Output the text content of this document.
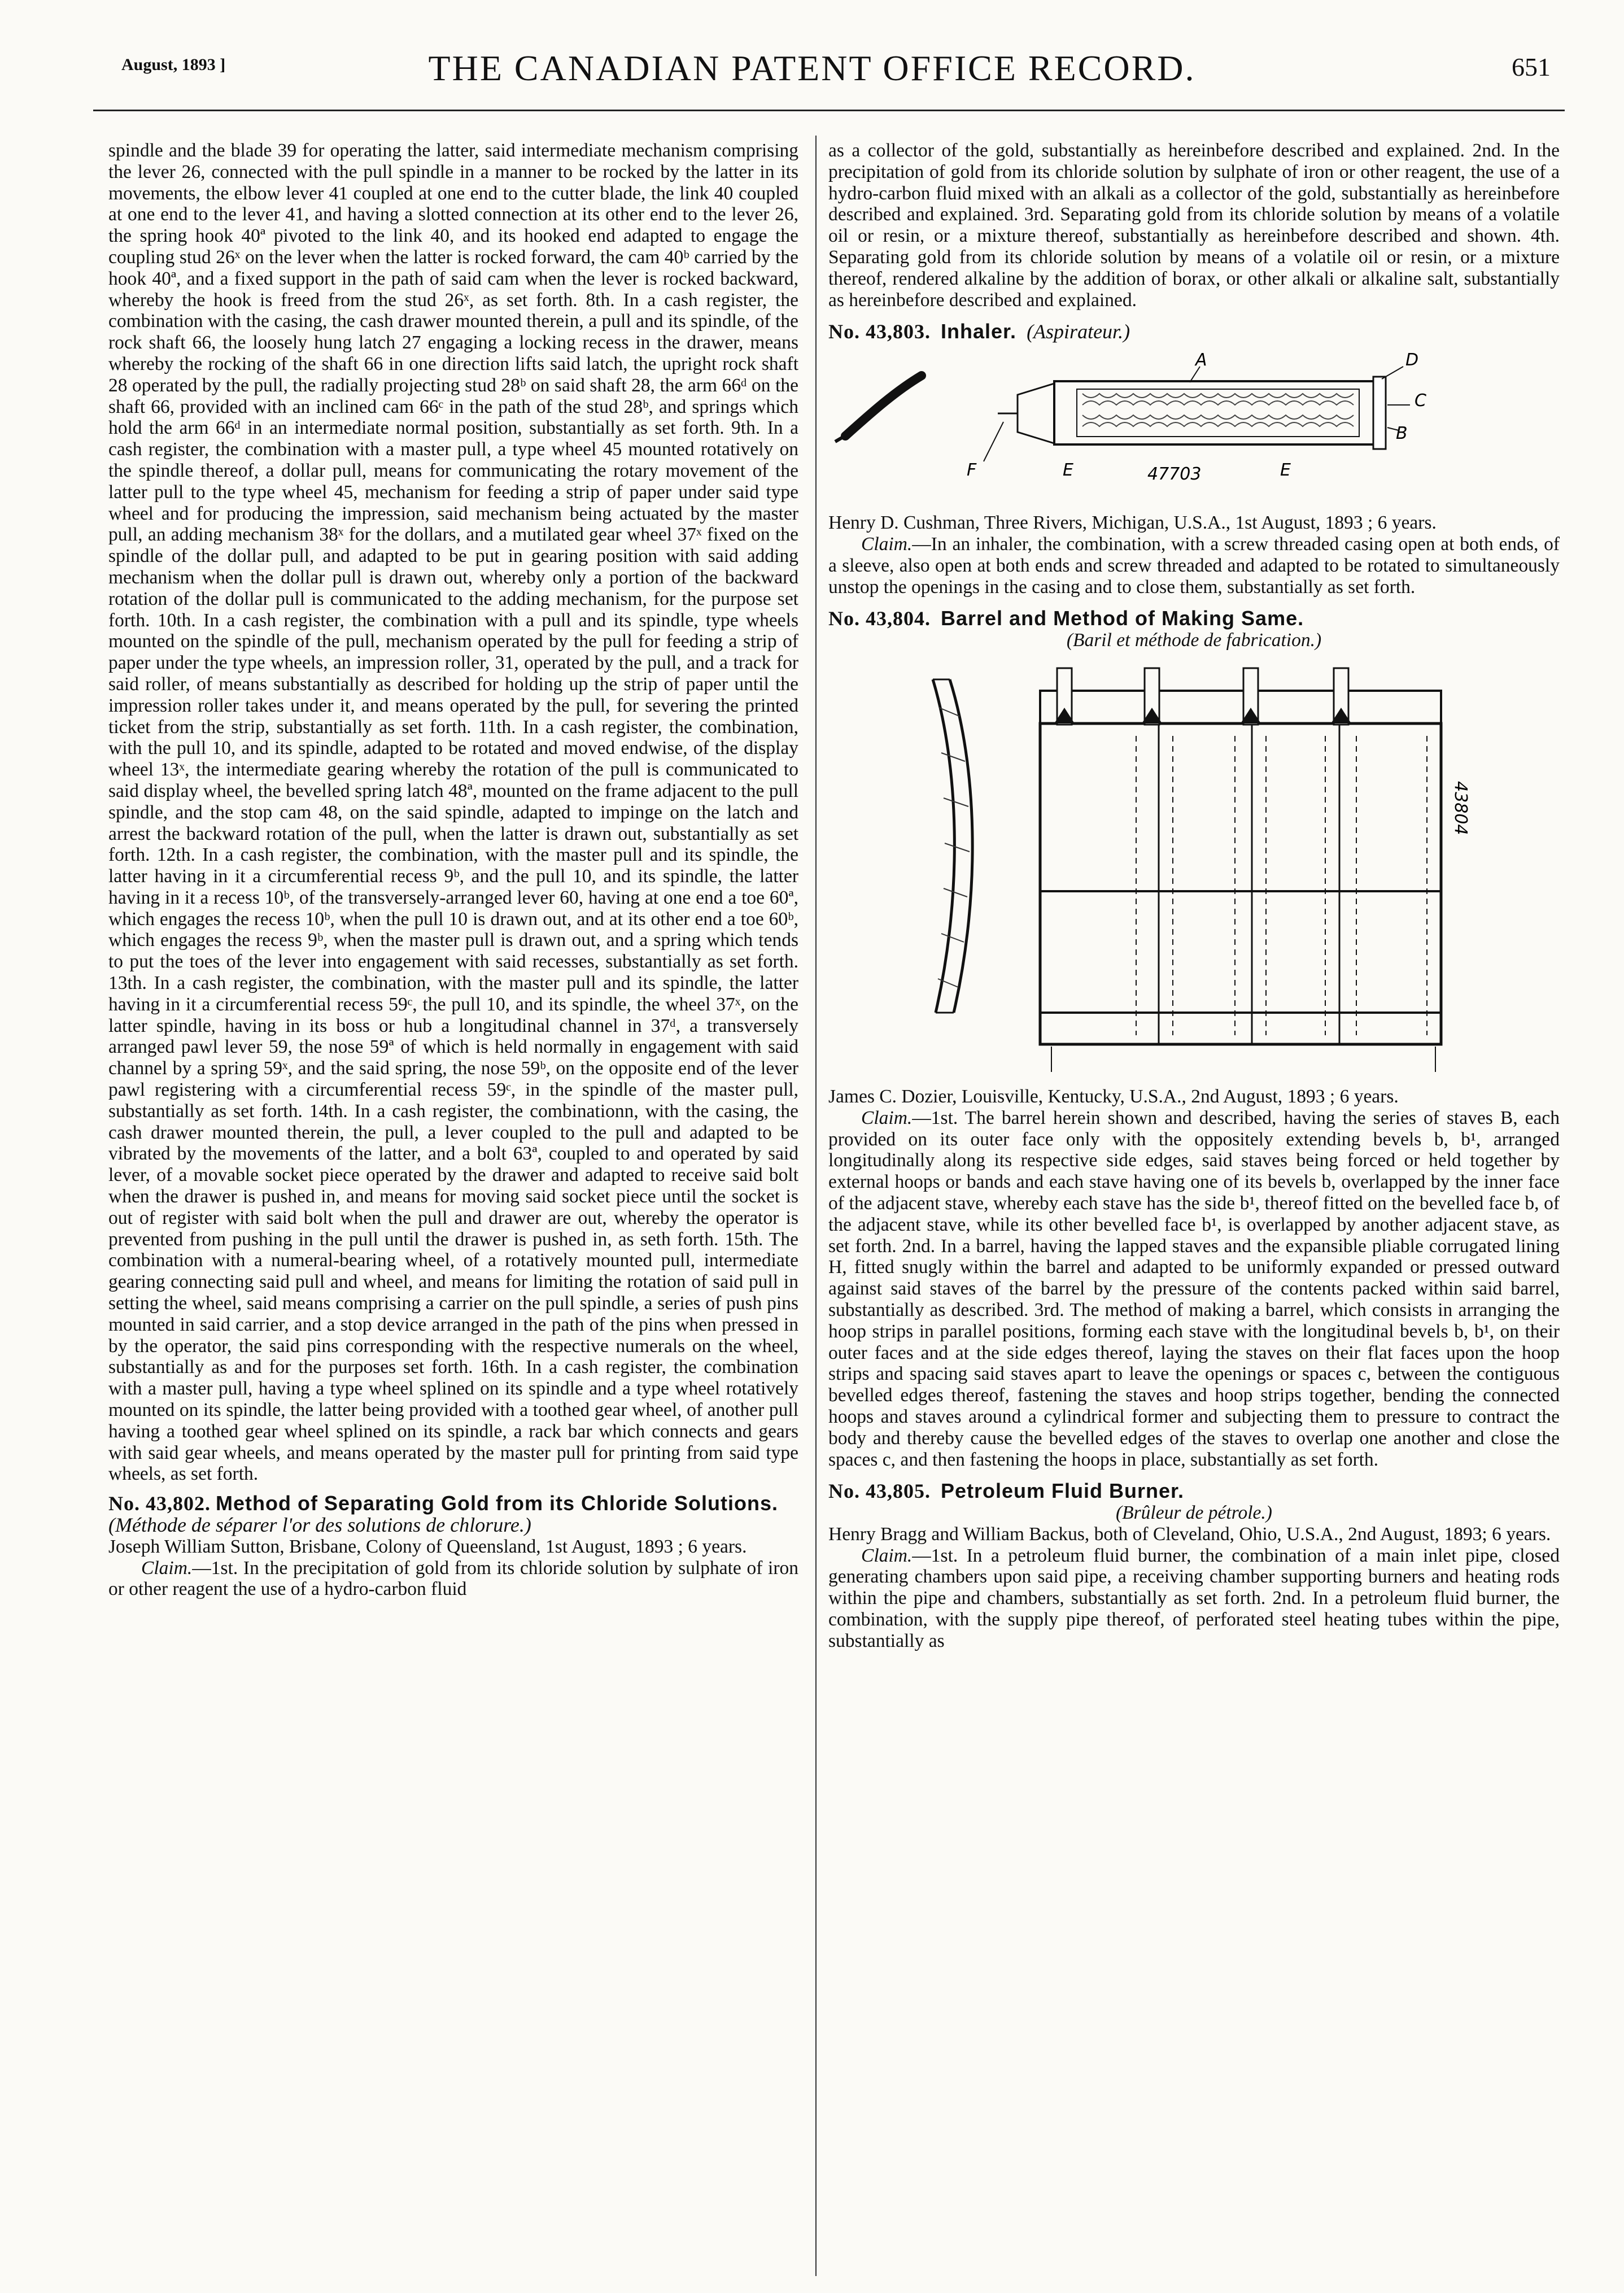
August, 1893 ]	THE CANADIAN PATENT OFFICE RECORD.	651

spindle and the blade 39 for operating the latter, said intermediate mechanism comprising the lever 26, connected with the pull spindle in a manner to be rocked by the latter in its movements, the elbow lever 41 coupled at one end to the cutter blade, the link 40 coupled at one end to the lever 41, and having a slotted connection at its other end to the lever 26, the spring hook 40ª pivoted to the link 40, and its hooked end adapted to engage the coupling stud 26ˣ on the lever when the latter is rocked forward, the cam 40ᵇ carried by the hook 40ª, and a fixed support in the path of said cam when the lever is rocked backward, whereby the hook is freed from the stud 26ˣ, as set forth. 8th. In a cash register, the combination with the casing, the cash drawer mounted therein, a pull and its spindle, of the rock shaft 66, the loosely hung latch 27 engaging a locking recess in the drawer, means whereby the rocking of the shaft 66 in one direction lifts said latch, the upright rock shaft 28 operated by the pull, the radially projecting stud 28ᵇ on said shaft 28, the arm 66ᵈ on the shaft 66, provided with an inclined cam 66ᶜ in the path of the stud 28ᵇ, and springs which hold the arm 66ᵈ in an intermediate normal position, substantially as set forth. 9th. In a cash register, the combination with a master pull, a type wheel 45 mounted rotatively on the spindle thereof, a dollar pull, means for communicating the rotary movement of the latter pull to the type wheel 45, mechanism for feeding a strip of paper under said type wheel and for producing the impression, said mechanism being actuated by the master pull, an adding mechanism 38ˣ for the dollars, and a mutilated gear wheel 37ˣ fixed on the spindle of the dollar pull, and adapted to be put in gearing position with said adding mechanism when the dollar pull is drawn out, whereby only a portion of the backward rotation of the dollar pull is communicated to the adding mechanism, for the purpose set forth. 10th. In a cash register, the combination with a pull and its spindle, type wheels mounted on the spindle of the pull, mechanism operated by the pull for feeding a strip of paper under the type wheels, an impression roller, 31, operated by the pull, and a track for said roller, of means substantially as described for holding up the strip of paper until the impression roller takes under it, and means operated by the pull, for severing the printed ticket from the strip, substantially as set forth. 11th. In a cash register, the combination, with the pull 10, and its spindle, adapted to be rotated and moved endwise, of the display wheel 13ˣ, the intermediate gearing whereby the rotation of the pull is communicated to said display wheel, the bevelled spring latch 48ª, mounted on the frame adjacent to the pull spindle, and the stop cam 48, on the said spindle, adapted to impinge on the latch and arrest the backward rotation of the pull, when the latter is drawn out, substantially as set forth. 12th. In a cash register, the combination, with the master pull and its spindle, the latter having in it a circumferential recess 9ᵇ, and the pull 10, and its spindle, the latter having in it a recess 10ᵇ, of the transversely-arranged lever 60, having at one end a toe 60ª, which engages the recess 10ᵇ, when the pull 10 is drawn out, and at its other end a toe 60ᵇ, which engages the recess 9ᵇ, when the master pull is drawn out, and a spring which tends to put the toes of the lever into engagement with said recesses, substantially as set forth. 13th. In a cash register, the combination, with the master pull and its spindle, the latter having in it a circumferential recess 59ᶜ, the pull 10, and its spindle, the wheel 37ˣ, on the latter spindle, having in its boss or hub a longitudinal channel in 37ᵈ, a transversely arranged pawl lever 59, the nose 59ª of which is held normally in engagement with said channel by a spring 59ˣ, and the said spring, the nose 59ᵇ, on the opposite end of the lever pawl registering with a circumferential recess 59ᶜ, in the spindle of the master pull, substantially as set forth. 14th. In a cash register, the combinationn, with the casing, the cash drawer mounted therein, the pull, a lever coupled to the pull and adapted to be vibrated by the movements of the latter, and a bolt 63ª, coupled to and operated by said lever, of a movable socket piece operated by the drawer and adapted to receive said bolt when the drawer is pushed in, and means for moving said socket piece until the socket is out of register with said bolt when the pull and drawer are out, whereby the operator is prevented from pushing in the pull until the drawer is pushed in, as seth forth. 15th. The combination with a numeral-bearing wheel, of a rotatively mounted pull, intermediate gearing connecting said pull and wheel, and means for limiting the rotation of said pull in setting the wheel, said means comprising a carrier on the pull spindle, a series of push pins mounted in said carrier, and a stop device arranged in the path of the pins when pressed in by the operator, the said pins corresponding with the respective numerals on the wheel, substantially as and for the purposes set forth. 16th. In a cash register, the combination with a master pull, having a type wheel splined on its spindle and a type wheel rotatively mounted on its spindle, the latter being provided with a toothed gear wheel, of another pull having a toothed gear wheel splined on its spindle, a rack bar which connects and gears with said gear wheels, and means operated by the master pull for printing from said type wheels, as set forth.

No. 43,802. Method of Separating Gold from its Chloride Solutions. (Méthode de séparer l'or des solutions de chlorure.)

Joseph William Sutton, Brisbane, Colony of Queensland, 1st August, 1893 ; 6 years.

Claim.—1st. In the precipitation of gold from its chloride solution by sulphate of iron or other reagent the use of a hydro-carbon fluid

as a collector of the gold, substantially as hereinbefore described and explained. 2nd. In the precipitation of gold from its chloride solution by sulphate of iron or other reagent, the use of a hydro-carbon fluid mixed with an alkali as a collector of the gold, substantially as hereinbefore described and explained. 3rd. Separating gold from its chloride solution by means of a volatile oil or resin, or a mixture thereof, substantially as hereinbefore described and shown. 4th. Separating gold from its chloride solution by means of a volatile oil or resin, or a mixture thereof, rendered alkaline by the addition of borax, or other alkali or alkaline salt, substantially as hereinbefore described and explained.

No. 43,803. Inhaler. (Aspirateur.)

A	D
C
B
F	E	E
47703

Henry D. Cushman, Three Rivers, Michigan, U.S.A., 1st August, 1893 ; 6 years.

Claim.—In an inhaler, the combination, with a screw threaded casing open at both ends, of a sleeve, also open at both ends and screw threaded and adapted to be rotated to simultaneously unstop the openings in the casing and to close them, substantially as set forth.

No. 43,804. Barrel and Method of Making Same.

(Baril et méthode de fabrication.)

43804

James C. Dozier, Louisville, Kentucky, U.S.A., 2nd August, 1893 ; 6 years.

Claim.—1st. The barrel herein shown and described, having the series of staves B, each provided on its outer face only with the oppositely extending bevels b, b¹, arranged longitudinally along its respective side edges, said staves being forced or held together by external hoops or bands and each stave having one of its bevels b, overlapped by the inner face of the adjacent stave, whereby each stave has the side b¹, thereof fitted on the bevelled face b, of the adjacent stave, while its other bevelled face b¹, is overlapped by another adjacent stave, as set forth. 2nd. In a barrel, having the lapped staves and the expansible pliable corrugated lining H, fitted snugly within the barrel and adapted to be uniformly expanded or pressed outward against said staves of the barrel by the pressure of the contents packed within said barrel, substantially as described. 3rd. The method of making a barrel, which consists in arranging the hoop strips in parallel positions, forming each stave with the longitudinal bevels b, b¹, on their outer faces and at the side edges thereof, laying the staves on their flat faces upon the hoop strips and spacing said staves apart to leave the openings or spaces c, between the contiguous bevelled edges thereof, fastening the staves and hoop strips together, bending the connected hoops and staves around a cylindrical former and subjecting them to pressure to contract the body and thereby cause the bevelled edges of the staves to overlap one another and close the spaces c, and then fastening the hoops in place, substantially as set forth.

No. 43,805. Petroleum Fluid Burner.

(Brûleur de pétrole.)

Henry Bragg and William Backus, both of Cleveland, Ohio, U.S.A., 2nd August, 1893; 6 years.

Claim.—1st. In a petroleum fluid burner, the combination of a main inlet pipe, closed generating chambers upon said pipe, a receiving chamber supporting burners and heating rods within the pipe and chambers, substantially as set forth. 2nd. In a petroleum fluid burner, the combination, with the supply pipe thereof, of perforated steel heating tubes within the pipe, substantially as
